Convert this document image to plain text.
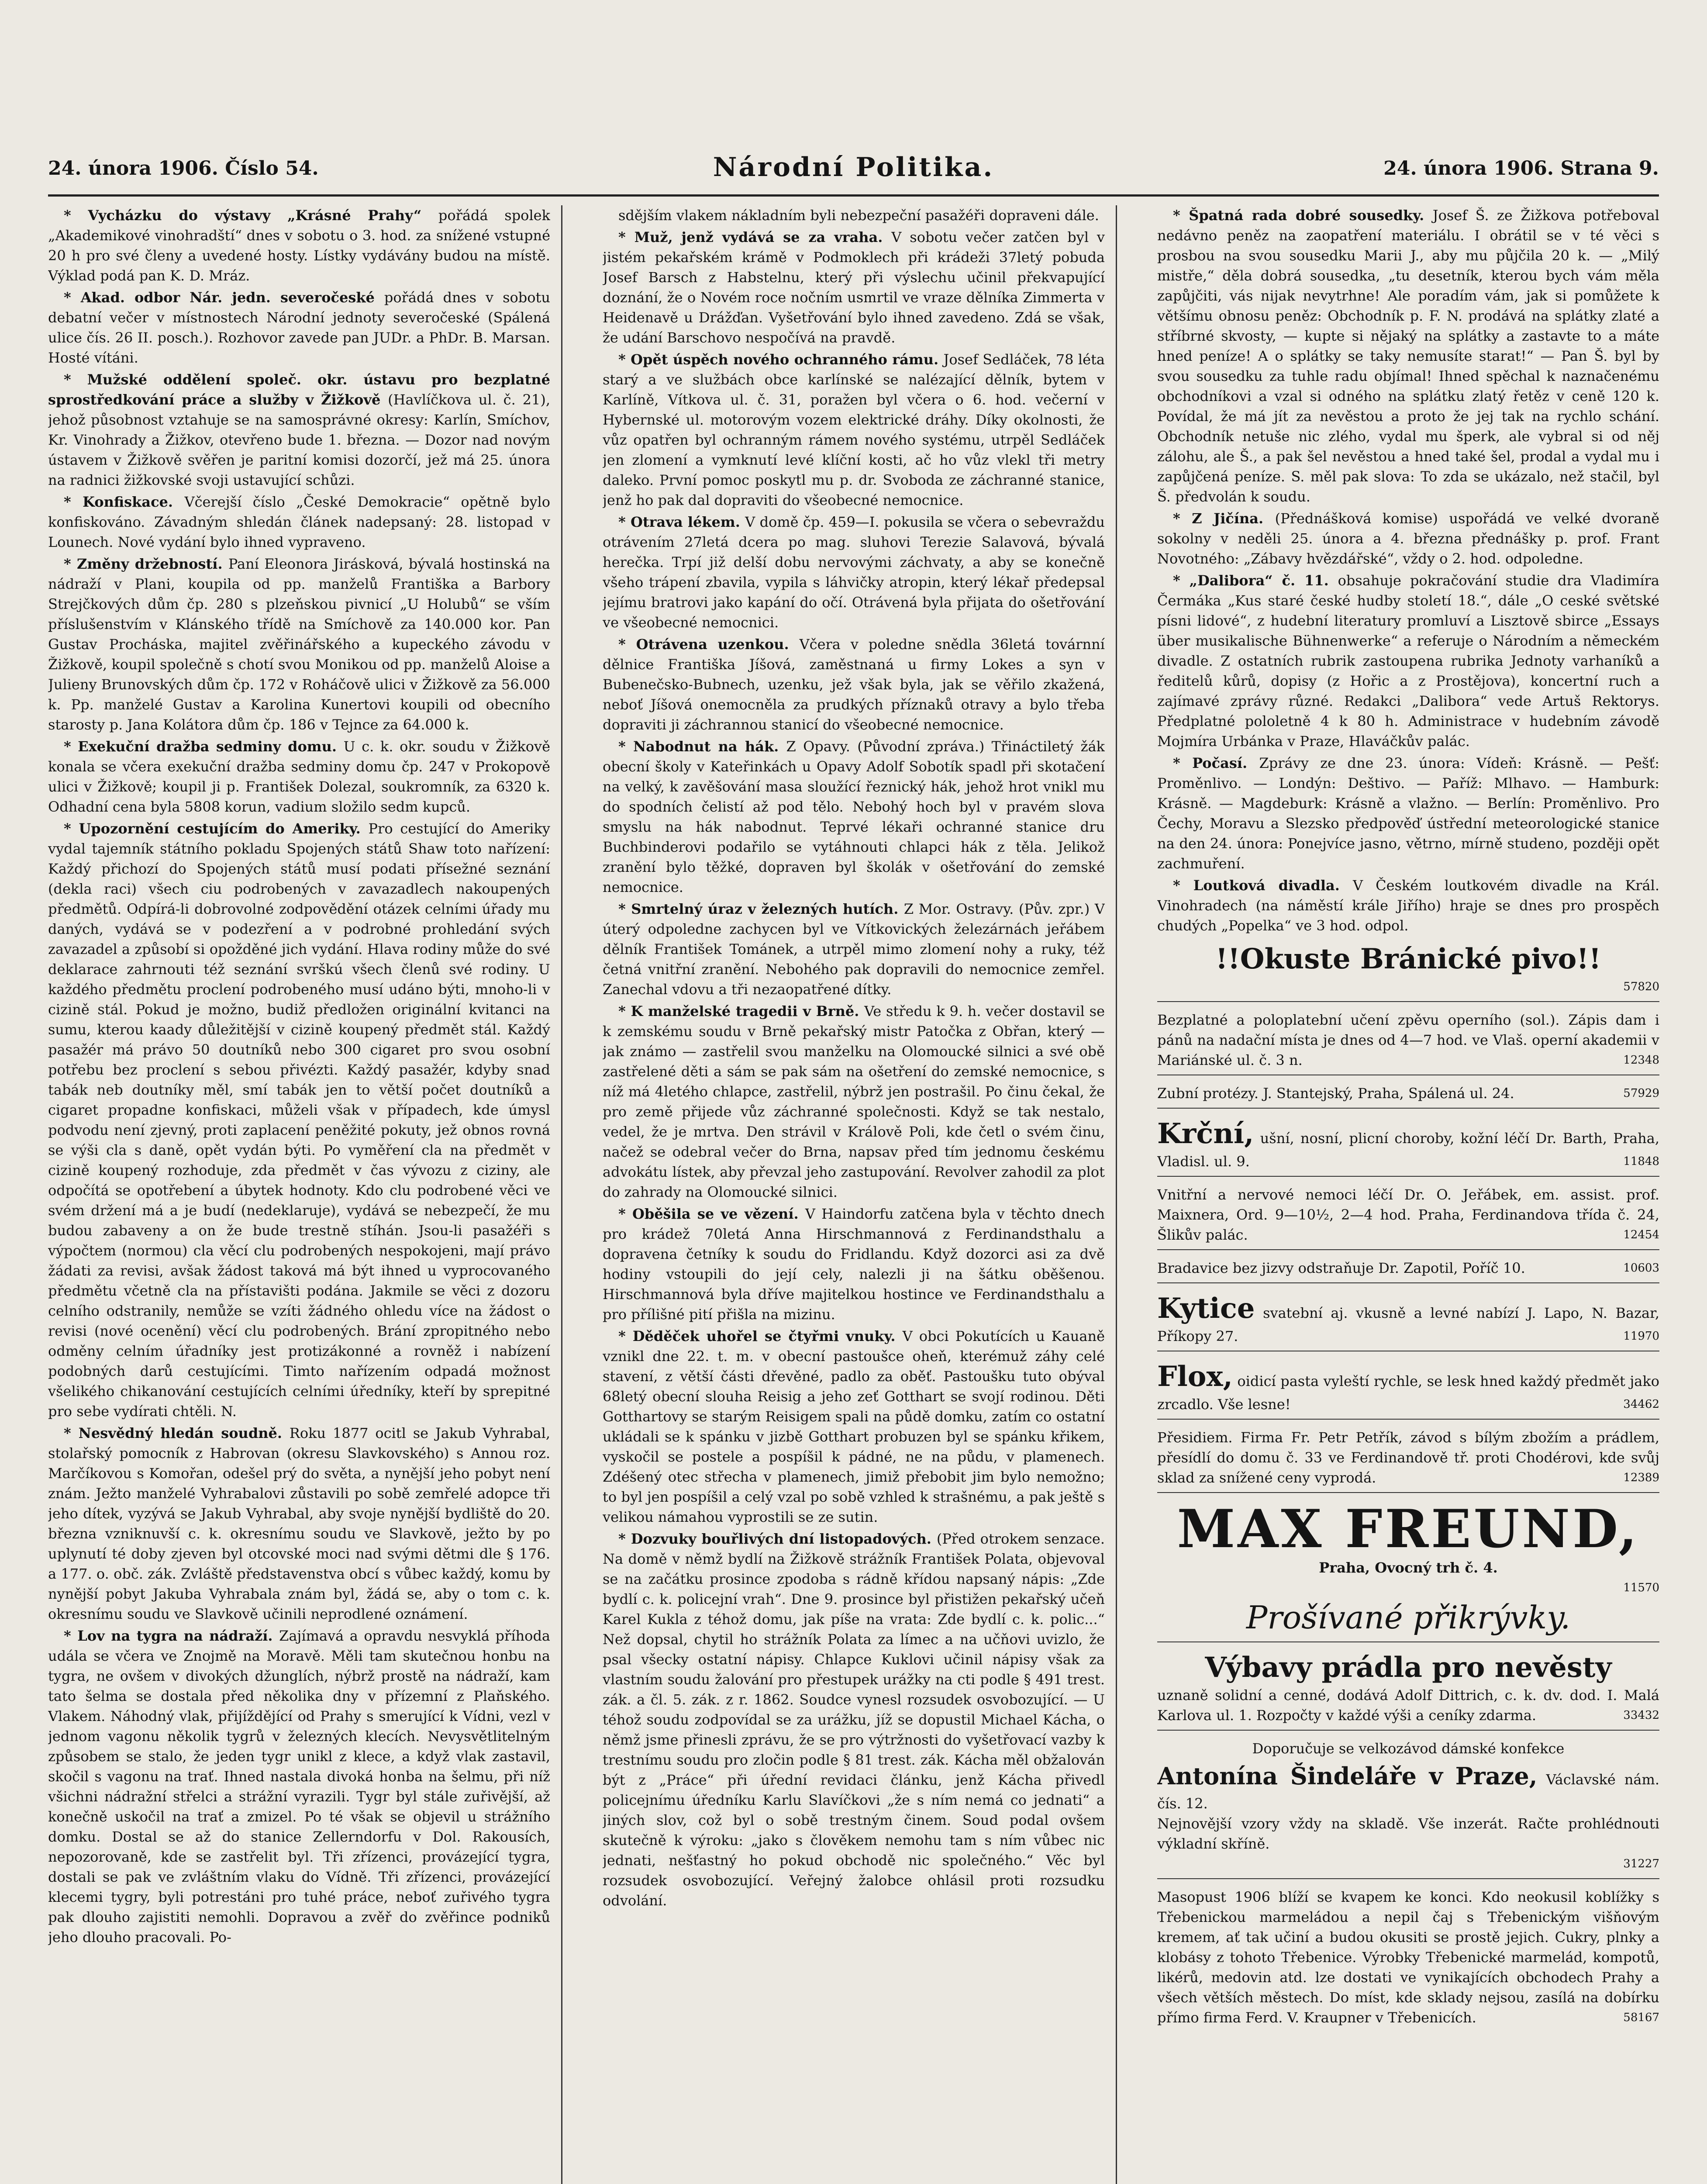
24. února 1906. Číslo 54.	Národní Politika.	24. února 1906. Strana 9.

* Vycházku do výstavy „Krásné Prahy“ pořádá spolek „Akademikové vinohradští“ dnes v sobotu o 3. hod. za snížené vstupné 20 h pro své členy a uvedené hosty. Lístky vydávány budou na místě. Výklad podá pan K. D. Mráz.

* Akad. odbor Nár. jedn. severočeské pořádá dnes v sobotu debatní večer v místnostech Národní jednoty severočeské (Spálená ulice čís. 26 II. posch.). Rozhovor zavede pan JUDr. a PhDr. B. Marsan. Hosté vítáni.

* Mužské oddělení společ. okr. ústavu pro bezplatné sprostředkování práce a služby v Žižkově (Havlíčkova ul. č. 21), jehož působnost vztahuje se na samosprávné okresy: Karlín, Smíchov, Kr. Vinohrady a Žižkov, otevřeno bude 1. března. — Dozor nad novým ústavem v Žižkově svěřen je paritní komisi dozorčí, jež má 25. února na radnici žižkovské svoji ustavující schůzi.

* Konfiskace. Včerejší číslo „České Demokracie“ opětně bylo konfiskováno. Závadným shledán článek nadepsaný: 28. listopad v Lounech. Nové vydání bylo ihned vypraveno.

* Změny držebností. Paní Eleonora Jirásková, bývalá hostinská na nádraží v Plani, koupila od pp. manželů Františka a Barbory Strejčkových dům čp. 280 s plzeňskou pivnicí „U Holubů“ se vším příslušenstvím v Klánského třídě na Smíchově za 140.000 kor. Pan Gustav Procháska, majitel zvěřinářského a kupeckého závodu v Žižkově, koupil společně s chotí svou Monikou od pp. manželů Aloise a Julieny Brunovských dům čp. 172 v Roháčově ulici v Žižkově za 56.000 k. Pp. manželé Gustav a Karolina Kunertovi koupili od obecního starosty p. Jana Kolátora dům čp. 186 v Tejnce za 64.000 k.

* Exekuční dražba sedminy domu. U c. k. okr. soudu v Žižkově konala se včera exekuční dražba sedminy domu čp. 247 v Prokopově ulici v Žižkově; koupil ji p. František Dolezal, soukromník, za 6320 k. Odhadní cena byla 5808 korun, vadium složilo sedm kupců.

* Upozornění cestujícím do Ameriky. Pro cestující do Ameriky vydal tajemník státního pokladu Spojených států Shaw toto nařízení: Každý přichozí do Spojených států musí podati přísežné seznání (dekla raci) všech ciu podrobených v zavazadlech nakoupených předmětů. Odpírá-li dobrovolné zodpovědění otázek celními úřady mu daných, vydává se v podezření a v podrobné prohledání svých zavazadel a způsobí si opožděné jich vydání. Hlava rodiny může do své deklarace zahrnouti též seznání svrškú všech členů své rodiny. U každého předmětu proclení podrobeného musí udáno býti, mnoho-li v cizině stál. Pokud je možno, budiž předložen originální kvitanci na sumu, kterou kaady důležitější v cizině koupený předmět stál. Každý pasažér má právo 50 doutníků nebo 300 cigaret pro svou osobní potřebu bez proclení s sebou přivézti. Každý pasažér, kdyby snad tabák neb doutníky měl, smí tabák jen to větší počet doutníků a cigaret propadne konfiskaci, můželi však v případech, kde úmysl podvodu není zjevný, proti zaplacení peněžité pokuty, jež obnos rovná se výši cla s daně, opět vydán býti. Po vyměření cla na předmět v cizině koupený rozhoduje, zda předmět v čas vývozu z ciziny, ale odpočítá se opotřebení a úbytek hodnoty. Kdo clu podrobené věci ve svém držení má a je budí (nedeklaruje), vydává se nebezpečí, že mu budou zabaveny a on že bude trestně stíhán. Jsou-li pasažéři s výpočtem (normou) cla věcí clu podrobených nespokojeni, mají právo žádati za revisi, avšak žádost taková má být ihned u vyprocovaného předmětu včetně cla na přístavišti podána. Jakmile se věci z dozoru celního odstranily, nemůže se vzíti žádného ohledu více na žádost o revisi (nové ocenění) věcí clu podrobených. Brání zpropitného nebo odměny celním úřadníky jest protizákonné a rovněž i nabízení podobných darů cestujícími. Timto nařízením odpadá možnost všelikého chikanování cestujících celními úředníky, kteří by sprepitné pro sebe vydírati chtěli. N.

* Nesvědný hledán soudně. Roku 1877 ocitl se Jakub Vyhrabal, stolařský pomocník z Habrovan (okresu Slavkovského) s Annou roz. Marčíkovou s Komořan, odešel prý do světa, a nynější jeho pobyt není znám. Ježto manželé Vyhrabalovi zůstavili po sobě zemřelé adopce tři jeho dítek, vyzývá se Jakub Vyhrabal, aby svoje nynější bydliště do 20. března vzniknuvší c. k. okresnímu soudu ve Slavkově, ježto by po uplynutí té doby zjeven byl otcovské moci nad svými dětmi dle § 176. a 177. o. obč. zák. Zvláště představenstva obcí s vůbec každý, komu by nynější pobyt Jakuba Vyhrabala znám byl, žádá se, aby o tom c. k. okresnímu soudu ve Slavkově učinili neprodlené oznámení.

* Lov na tygra na nádraží. Zajímavá a opravdu nesvyklá příhoda udála se včera ve Znojmě na Moravě. Měli tam skutečnou honbu na tygra, ne ovšem v divokých džunglích, nýbrž prostě na nádraží, kam tato šelma se dostala před několika dny v přízemní z Plaňského. Vlakem. Náhodný vlak, přijíždějící od Prahy s smerující k Vídni, vezl v jednom vagonu několik tygrů v železných klecích. Nevysvětlitelným způsobem se stalo, že jeden tygr unikl z klece, a když vlak zastavil, skočil s vagonu na trať. Ihned nastala divoká honba na šelmu, při níž všichni nádražní střelci a strážní vyrazili. Tygr byl stále zuřivější, až konečně uskočil na trať a zmizel. Po té však se objevil u strážního domku. Dostal se až do stanice Zellerndorfu v Dol. Rakousích, nepozorovaně, kde se zastřelit byl. Tři zřízenci, provázející tygra, dostali se pak ve zvláštním vlaku do Vídně. Tři zřízenci, provázející klecemi tygry, byli potrestáni pro tuhé práce, neboť zuřivého tygra pak dlouho zajistiti nemohli. Dopravou a zvěř do zvěřince podniků jeho dlouho pracovali. Po-

sdějším vlakem nákladním byli nebezpeční pasažéři dopraveni dále.

* Muž, jenž vydává se za vraha. V sobotu večer zatčen byl v jistém pekařském krámě v Podmoklech při krádeži 37letý pobuda Josef Barsch z Habstelnu, který při výslechu učinil překvapující doznání, že o Novém roce nočním usmrtil ve vraze dělníka Zimmerta v Heidenavě u Drážďan. Vyšetřování bylo ihned zavedeno. Zdá se však, že udání Barschovo nespočívá na pravdě.

* Opět úspěch nového ochranného rámu. Josef Sedláček, 78 léta starý a ve službách obce karlínské se nalézající dělník, bytem v Karlíně, Vítkova ul. č. 31, poražen byl včera o 6. hod. večerní v Hybernské ul. motorovým vozem elektrické dráhy. Díky okolnosti, že vůz opatřen byl ochranným rámem nového systému, utrpěl Sedláček jen zlomení a vymknutí levé klíční kosti, ač ho vůz vlekl tři metry daleko. První pomoc poskytl mu p. dr. Svoboda ze záchranné stanice, jenž ho pak dal dopraviti do všeobecné nemocnice.

* Otrava lékem. V domě čp. 459—I. pokusila se včera o sebevraždu otrávením 27letá dcera po mag. sluhovi Terezie Salavová, bývalá herečka. Trpí již delší dobu nervovými záchvaty, a aby se konečně všeho trápení zbavila, vypila s láhvičky atropin, který lékař předepsal jejímu bratrovi jako kapání do očí. Otrávená byla přijata do ošetřování ve všeobecné nemocnici.

* Otrávena uzenkou. Včera v poledne snědla 36letá továrnní dělnice Františka Jíšová, zaměstnaná u firmy Lokes a syn v Bubenečsko-Bubnech, uzenku, jež však byla, jak se věřilo zkažená, neboť Jíšová onemocněla za prudkých příznaků otravy a bylo třeba dopraviti ji záchrannou stanicí do všeobecné nemocnice.

* Nabodnut na hák. Z Opavy. (Původní zpráva.) Třináctiletý žák obecní školy v Kateřinkách u Opavy Adolf Sobotík spadl při skotačení na velký, k zavěšování masa sloužící řeznický hák, jehož hrot vnikl mu do spodních čelistí až pod tělo. Nebohý hoch byl v pravém slova smyslu na hák nabodnut. Teprvé lékaři ochranné stanice dru Buchbinderovi podařilo se vytáhnouti chlapci hák z těla. Jelikož zranění bylo těžké, dopraven byl školák v ošetřování do zemské nemocnice.

* Smrtelný úraz v železných hutích. Z Mor. Ostravy. (Pův. zpr.) V úterý odpoledne zachycen byl ve Vítkovických železárnách jeřábem dělník František Tománek, a utrpěl mimo zlomení nohy a ruky, též četná vnitřní zranění. Nebohého pak dopravili do nemocnice zemřel. Zanechal vdovu a tři nezaopatřené dítky.

* K manželské tragedii v Brně. Ve středu k 9. h. večer dostavil se k zemskému soudu v Brně pekařský mistr Patočka z Obřan, který — jak známo — zastřelil svou manželku na Olomoucké silnici a své obě zastřelené děti a sám se pak sám na ošetření do zemské nemocnice, s níž má 4letého chlapce, zastřelil, nýbrž jen postrašil. Po činu čekal, že pro země přijede vůz záchranné společnosti. Když se tak nestalo, vedel, že je mrtva. Den strávil v Králově Poli, kde četl o svém činu, načež se odebral večer do Brna, napsav před tím jednomu českému advokátu lístek, aby převzal jeho zastupování. Revolver zahodil za plot do zahrady na Olomoucké silnici.

* Oběšila se ve vězení. V Haindorfu zatčena byla v těchto dnech pro krádež 70letá Anna Hirschmannová z Ferdinandsthalu a dopravena četníky k soudu do Fridlandu. Když dozorci asi za dvě hodiny vstoupili do její cely, nalezli ji na šátku oběšenou. Hirschmannová byla dříve majitelkou hostince ve Ferdinandsthalu a pro přílišné pití přišla na mizinu.

* Děděček uhořel se čtyřmi vnuky. V obci Pokutících u Kauaně vznikl dne 22. t. m. v obecní pastoušce oheň, kterémuž záhy celé stavení, z větší části dřevěné, padlo za oběť. Pastoušku tuto obýval 68letý obecní slouha Reisig a jeho zeť Gotthart se svojí rodinou. Děti Gotthartovy se starým Reisigem spali na půdě domku, zatím co ostatní ukládali se k spánku v jizbě Gotthart probuzen byl se spánku křikem, vyskočil se postele a pospíšil k pádné, ne na půdu, v plamenech. Zdéšený otec střecha v plamenech, jimiž přebobit jim bylo nemožno; to byl jen pospíšil a celý vzal po sobě vzhled k strašnému, a pak ještě s velikou námahou vyprostili se ze sutin.

* Dozvuky bouřlivých dní listopadových. (Před otrokem senzace. Na domě v němž bydlí na Žižkově strážník František Polata, objevoval se na začátku prosince zpodoba s rádně křídou napsaný nápis: „Zde bydlí c. k. policejní vrah“. Dne 9. prosince byl přistižen pekařský učeň Karel Kukla z téhož domu, jak píše na vrata: Zde bydlí c. k. polic...“ Než dopsal, chytil ho strážník Polata za límec a na učňovi uvizlo, že psal všecky ostatní nápisy. Chlapce Kuklovi učinil nápisy však za vlastním soudu žalování pro přestupek urážky na cti podle § 491 trest. zák. a čl. 5. zák. z r. 1862. Soudce vynesl rozsudek osvobozující. — U téhož soudu zodpovídal se za urážku, jíž se dopustil Michael Kácha, o němž jsme přinesli zprávu, že se pro výtržnosti do vyšetřovací vazby k trestnímu soudu pro zločin podle § 81 trest. zák. Kácha měl obžalován být z „Práce“ při úřední revidaci článku, jenž Kácha přivedl policejnímu úředníku Karlu Slavíčkovi „že s ním nemá co jednati“ a jiných slov, což byl o sobě trestným činem. Soud podal ovšem skutečně k výroku: „jako s člověkem nemohu tam s ním vůbec nic jednati, nešťastný ho pokud obchodě nic společného.“ Věc byl rozsudek osvobozující. Veřejný žalobce ohlásil proti rozsudku odvolání.

* Špatná rada dobré sousedky. Josef Š. ze Žižkova potřeboval nedávno peněz na zaopatření materiálu. I obrátil se v té věci s prosbou na svou sousedku Marii J., aby mu půjčila 20 k. — „Milý mistře,“ děla dobrá sousedka, „tu desetník, kterou bych vám měla zapůjčiti, vás nijak nevytrhne! Ale poradím vám, jak si pomůžete k většímu obnosu peněz: Obchodník p. F. N. prodává na splátky zlaté a stříbrné skvosty, — kupte si nějaký na splátky a zastavte to a máte hned peníze! A o splátky se taky nemusíte starat!“ — Pan Š. byl by svou sousedku za tuhle radu objímal! Ihned spěchal k naznačenému obchodníkovi a vzal si odného na splátku zlatý řetěz v ceně 120 k. Povídal, že má jít za nevěstou a proto že jej tak na rychlo schání. Obchodník netuše nic zlého, vydal mu šperk, ale vybral si od něj zálohu, ale Š., a pak šel nevěstou a hned také šel, prodal a vydal mu i zapůjčená peníze. S. měl pak slova: To zda se ukázalo, než stačil, byl Š. předvolán k soudu.

* Z Jičína. (Přednášková komise) uspořádá ve velké dvoraně sokolny v neděli 25. února a 4. března přednášky p. prof. Frant Novotného: „Zábavy hvězdářské“, vždy o 2. hod. odpoledne.

* „Dalibora“ č. 11. obsahuje pokračování studie dra Vladimíra Čermáka „Kus staré české hudby století 18.“, dále „O ceské světské písni lidové“, z hudební literatury promluví a Lisztově sbirce „Essays über musikalische Bühnenwerke“ a referuje o Národním a německém divadle. Z ostatních rubrik zastoupena rubrika Jednoty varhaníků a ředitelů kůrů, dopisy (z Hořic a z Prostějova), koncertní ruch a zajímavé zprávy různé. Redakci „Dalibora“ vede Artuš Rektorys. Předplatné pololetně 4 k 80 h. Administrace v hudebním závodě Mojmíra Urbánka v Praze, Hlaváčkův palác.

* Počasí. Zprávy ze dne 23. února: Vídeň: Krásně. — Pešť: Proměnlivo. — Londýn: Deštivo. — Paříž: Mlhavo. — Hamburk: Krásně. — Magdeburk: Krásně a vlažno. — Berlín: Proměnlivo. Pro Čechy, Moravu a Slezsko předpověď ústřední meteorologické stanice na den 24. února: Ponejvíce jasno, větrno, mírně studeno, později opět zachmuření.

* Loutková divadla. V Českém loutkovém divadle na Král. Vinohradech (na náměstí krále Jiřího) hraje se dnes pro prospěch chudých „Popelka“ ve 3 hod. odpol.

!!Okuste Bránické pivo!!
57820
Bezplatné a poloplatební učení zpěvu operního (sol.). Zápis dam i pánů na nadační místa je dnes od 4—7 hod. ve Vlaš. operní akademii v Mariánské ul. č. 3 n.	12348
Zubní protézy. J. Stantejský, Praha, Spálená ul. 24.	57929
Krční, ušní, nosní, plicní choroby, kožní léčí Dr. Barth, Praha, Vladisl. ul. 9.	11848
Vnitřní a nervové nemoci léčí Dr. O. Jeřábek, em. assist. prof. Maixnera, Ord. 9—10½, 2—4 hod. Praha, Ferdinandova třída č. 24, Šlikův palác.	12454
Bradavice bez jizvy odstraňuje Dr. Zapotil, Poříč 10.	10603
Kytice svatební aj. vkusně a levné nabízí J. Lapo, N. Bazar, Příkopy 27.	11970
Flox, oidicí pasta vyleští rychle, se lesk hned každý předmět jako zrcadlo. Vše lesne!	34462
Přesidiem. Firma Fr. Petr Petřík, závod s bílým zbožím a prádlem, přesídlí do domu č. 33 ve Ferdinandově tř. proti Chodérovi, kde svůj sklad za snížené ceny vyprodá.	12389
MAX FREUND,
Praha, Ovocný trh č. 4.
11570
Prošívané přikrývky.
Výbavy prádla pro nevěsty
uznaně solidní a cenné, dodává Adolf Dittrich, c. k. dv. dod. I. Malá Karlova ul. 1. Rozpočty v každé výši a ceníky zdarma.	33432
Doporučuje se velkozávod dámské konfekce
Antonína Šindeláře v Praze, Václavské nám. čís. 12.
Nejnovější vzory vždy na skladě. Vše inzerát. Račte prohlédnouti výkladní skříně.
31227
Masopust 1906 blíží se kvapem ke konci. Kdo neokusil koblížky s Třebenickou marmeládou a nepil čaj s Třebenickým višňovým kremem, ať tak učiní a budou okusiti se prostě jejich. Cukry, plnky a klobásy z tohoto Třebenice. Výrobky Třebenické marmelád, kompotů, likérů, medovin atd. lze dostati ve vynikajících obchodech Prahy a všech větších městech. Do míst, kde sklady nejsou, zasílá na dobírku přímo firma Ferd. V. Kraupner v Třebenicích.	58167
